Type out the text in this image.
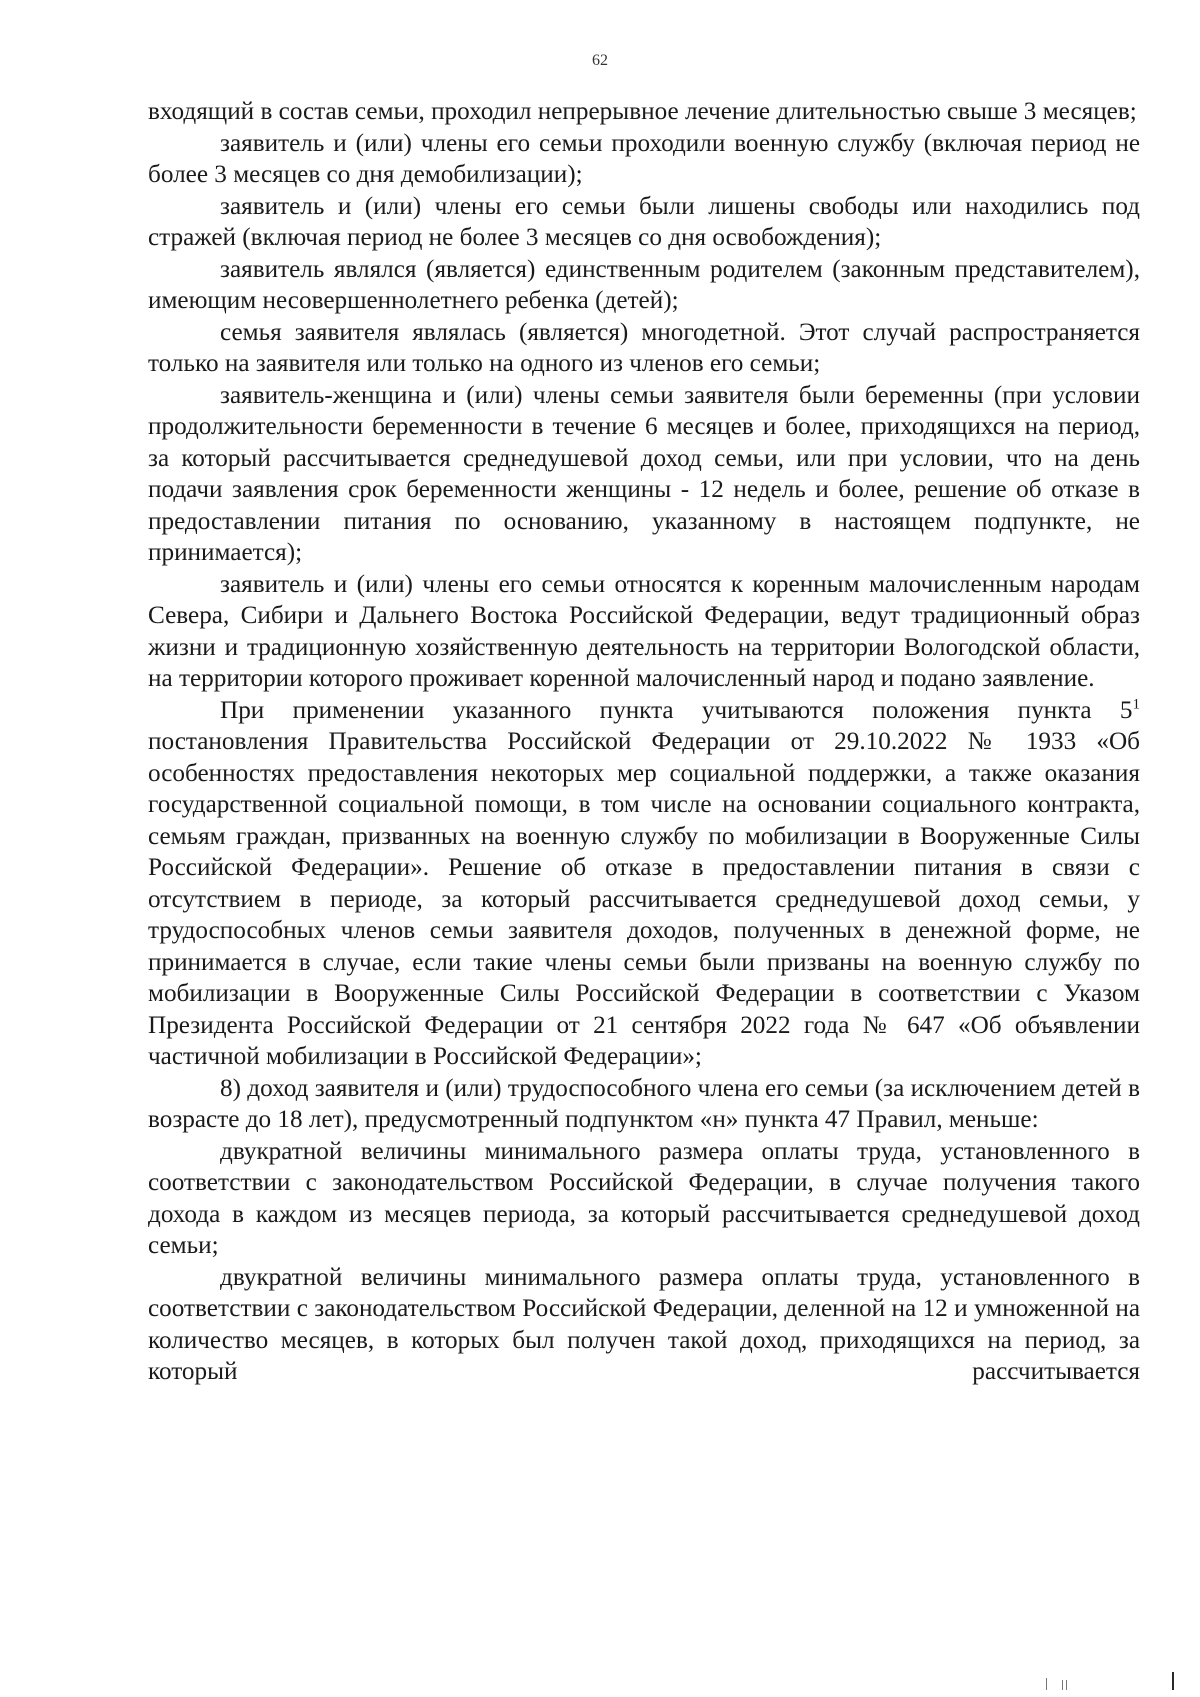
62

входящий в состав семьи, проходил непрерывное лечение длительностью свыше 3 месяцев;

заявитель и (или) члены его семьи проходили военную службу (включая период не более 3 месяцев со дня демобилизации);

заявитель и (или) члены его семьи были лишены свободы или находились под стражей (включая период не более 3 месяцев со дня освобождения);

заявитель являлся (является) единственным родителем (законным представителем), имеющим несовершеннолетнего ребенка (детей);

семья заявителя являлась (является) многодетной. Этот случай распространяется только на заявителя или только на одного из членов его семьи;

заявитель-женщина и (или) члены семьи заявителя были беременны (при условии продолжительности беременности в течение 6 месяцев и более, приходящихся на период, за который рассчитывается среднедушевой доход семьи, или при условии, что на день подачи заявления срок беременности женщины - 12 недель и более, решение об отказе в предоставлении питания по основанию, указанному в настоящем подпункте, не принимается);

заявитель и (или) члены его семьи относятся к коренным малочисленным народам Севера, Сибири и Дальнего Востока Российской Федерации, ведут традиционный образ жизни и традиционную хозяйственную деятельность на территории Вологодской области, на территории которого проживает коренной малочисленный народ и подано заявление.

При применении указанного пункта учитываются положения пункта $5^1$ постановления Правительства Российской Федерации от 29.10.2022 № 1933 «Об особенностях предоставления некоторых мер социальной поддержки, а также оказания государственной социальной помощи, в том числе на основании социального контракта, семьям граждан, призванных на военную службу по мобилизации в Вооруженные Силы Российской Федерации». Решение об отказе в предоставлении питания в связи с отсутствием в периоде, за который рассчитывается среднедушевой доход семьи, у трудоспособных членов семьи заявителя доходов, полученных в денежной форме, не принимается в случае, если такие члены семьи были призваны на военную службу по мобилизации в Вооруженные Силы Российской Федерации в соответствии с Указом Президента Российской Федерации от 21 сентября 2022 года № 647 «Об объявлении частичной мобилизации в Российской Федерации»;

8) доход заявителя и (или) трудоспособного члена его семьи (за исключением детей в возрасте до 18 лет), предусмотренный подпунктом «н» пункта 47 Правил, меньше:

двукратной величины минимального размера оплаты труда, установленного в соответствии с законодательством Российской Федерации, в случае получения такого дохода в каждом из месяцев периода, за который рассчитывается среднедушевой доход семьи;

двукратной величины минимального размера оплаты труда, установленного в соответствии с законодательством Российской Федерации, деленной на 12 и умноженной на количество месяцев, в которых был получен такой доход, приходящихся на период, за который рассчитывается
